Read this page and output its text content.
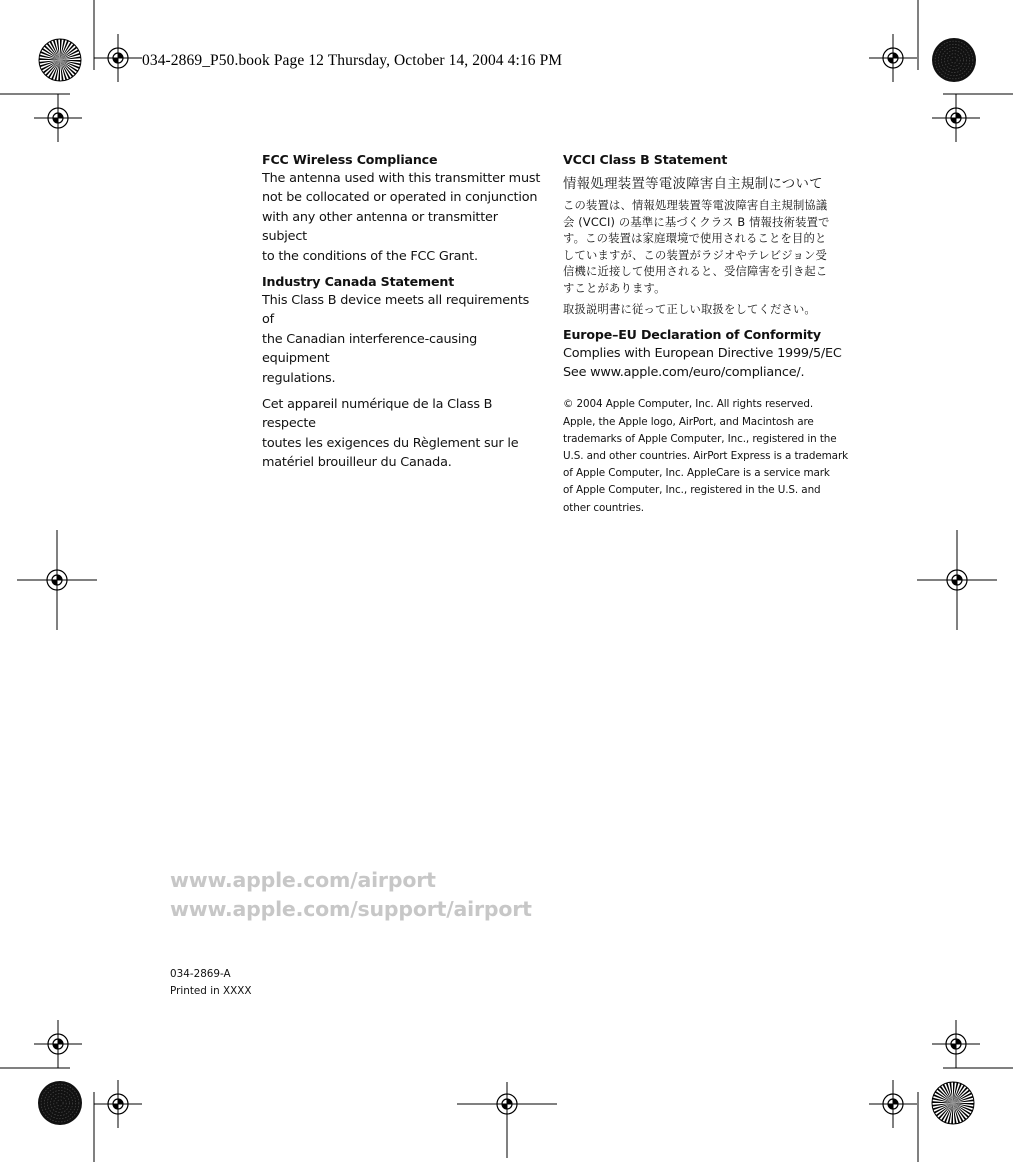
034-2869_P50.book Page 12 Thursday, October 14, 2004 4:16 PM

FCC Wireless Compliance

The antenna used with this transmitter must

not be collocated or operated in conjunction

with any other antenna or transmitter subject

to the conditions of the FCC Grant.

Industry Canada Statement

This Class B device meets all requirements of

the Canadian interference-causing equipment

regulations.

Cet appareil numérique de la Class B respecte

toutes les exigences du Règlement sur le

matériel brouilleur du Canada.

VCCI Class B Statement

情報処理装置等電波障害自主規制について

この装置は、情報処理装置等電波障害自主規制協議

会 (VCCI) の基準に基づくクラス B 情報技術装置で

す。この装置は家庭環境で使用されることを目的と

していますが、この装置がラジオやテレビジョン受

信機に近接して使用されると、受信障害を引き起こ

すことがあります。

取扱説明書に従って正しい取扱をしてください。

Europe–EU Declaration of Conformity

Complies with European Directive 1999/5/EC

See www.apple.com/euro/compliance/.

© 2004 Apple Computer, Inc. All rights reserved.

Apple, the Apple logo, AirPort, and Macintosh are

trademarks of Apple Computer, Inc., registered in the

U.S. and other countries. AirPort Express is a trademark

of Apple Computer, Inc. AppleCare is a service mark

of Apple Computer, Inc., registered in the U.S. and

other countries.

www.apple.com/airport
www.apple.com/support/airport
034-2869-A
Printed in XXXX
